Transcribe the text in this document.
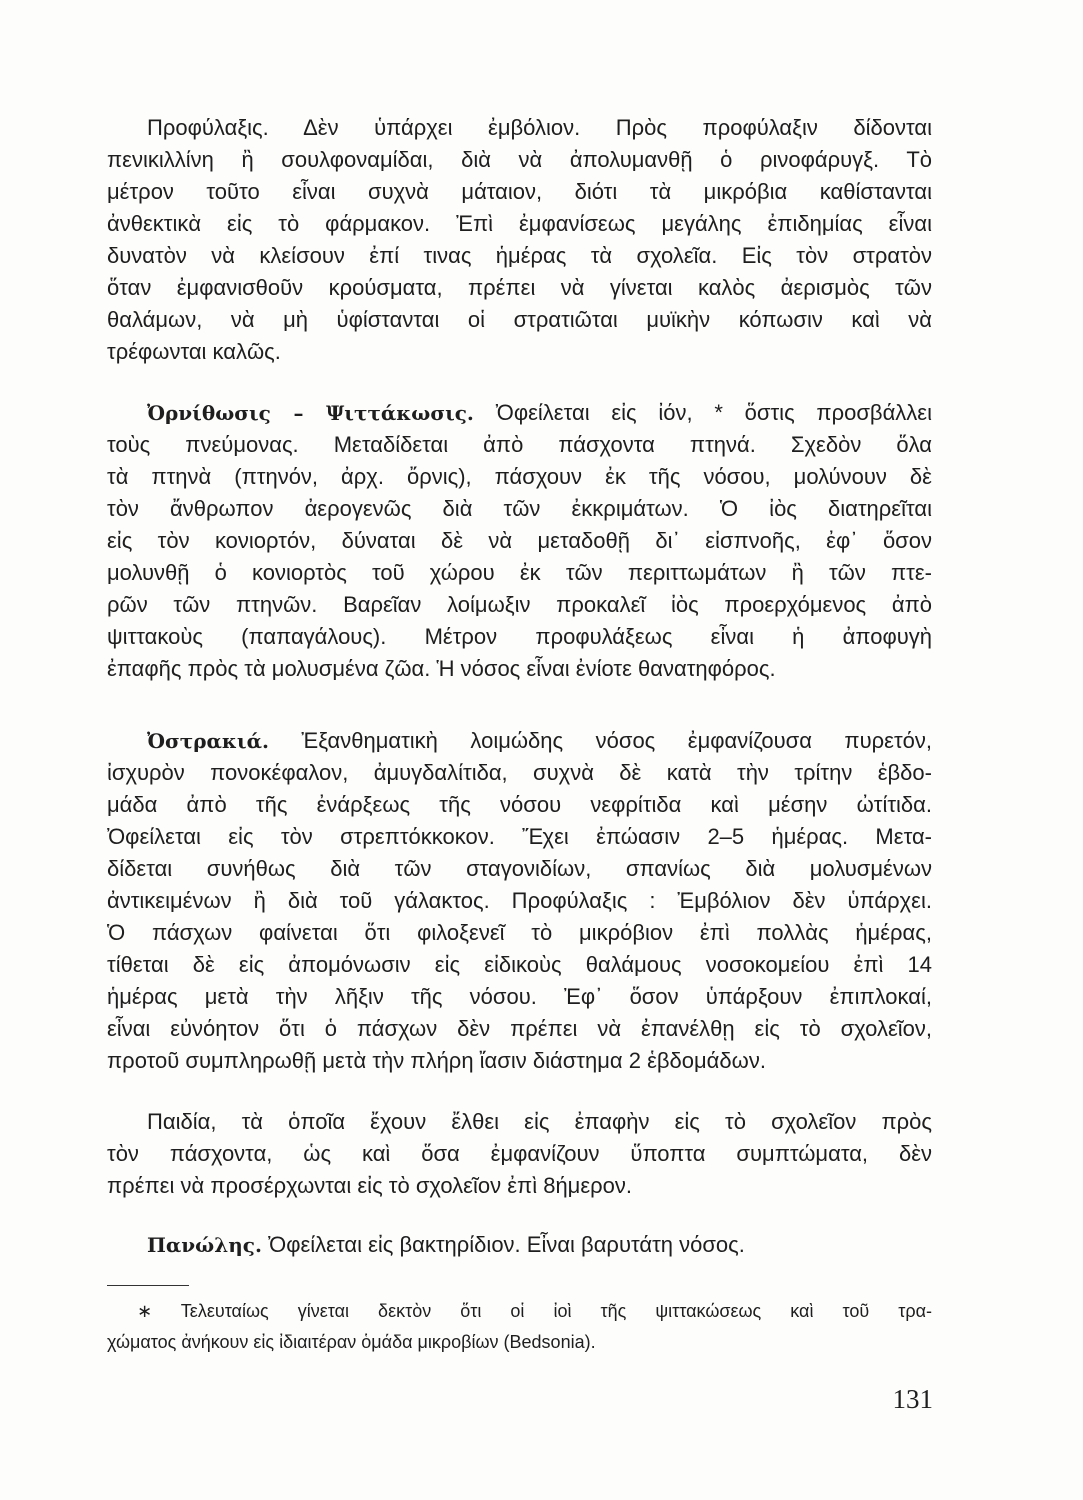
Προφύλαξις. Δὲν ὑπάρχει ἐμβόλιον. Πρὸς προφύλαξιν δίδονται
πενικιλλίνη ἢ σουλφοναμίδαι, διὰ νὰ ἀπολυμανθῇ ὁ ρινοφάρυγξ. Τὸ
μέτρον τοῦτο εἶναι συχνὰ μάταιον, διότι τὰ μικρόβια καθίστανται
ἀνθεκτικὰ εἰς τὸ φάρμακον. Ἐπὶ ἐμφανίσεως μεγάλης ἐπιδημίας εἶναι
δυνατὸν νὰ κλείσουν ἐπί τινας ἡμέρας τὰ σχολεῖα. Εἰς τὸν στρατὸν
ὅταν ἐμφανισθοῦν κρούσματα, πρέπει νὰ γίνεται καλὸς ἀερισμὸς τῶν
θαλάμων, νὰ μὴ ὑφίστανται οἱ στρατιῶται μυϊκὴν κόπωσιν καὶ νὰ
τρέφωνται καλῶς.
Ὀρνίθωσις – Ψιττάκωσις. Ὀφείλεται εἰς ἰόν, * ὅστις προσβάλλει
τοὺς πνεύμονας. Μεταδίδεται ἀπὸ πάσχοντα πτηνά. Σχεδὸν ὅλα
τὰ πτηνὰ (πτηνόν, ἀρχ. ὄρνις), πάσχουν ἐκ τῆς νόσου, μολύνουν δὲ
τὸν ἄνθρωπον ἀερογενῶς διὰ τῶν ἐκκριμάτων. Ὁ ἰὸς διατηρεῖται
εἰς τὸν κονιορτόν, δύναται δὲ νὰ μεταδοθῇ δι᾿ εἰσπνοῆς, ἐφ᾿ ὅσον
μολυνθῇ ὁ κονιορτὸς τοῦ χώρου ἐκ τῶν περιττωμάτων ἢ τῶν πτε-
ρῶν τῶν πτηνῶν. Βαρεῖαν λοίμωξιν προκαλεῖ ἰὸς προερχόμενος ἀπὸ
ψιττακοὺς (παπαγάλους). Μέτρον προφυλάξεως εἶναι ἡ ἀποφυγὴ
ἐπαφῆς πρὸς τὰ μολυσμένα ζῶα. Ἡ νόσος εἶναι ἐνίοτε θανατηφόρος.
Ὀστρακιά. Ἐξανθηματικὴ λοιμώδης νόσος ἐμφανίζουσα πυρετόν,
ἰσχυρὸν πονοκέφαλον, ἀμυγδαλίτιδα, συχνὰ δὲ κατὰ τὴν τρίτην ἑβδο-
μάδα ἀπὸ τῆς ἐνάρξεως τῆς νόσου νεφρίτιδα καὶ μέσην ὠτίτιδα.
Ὀφείλεται εἰς τὸν στρεπτόκκοκον. Ἔχει ἐπώασιν 2–5 ἡμέρας. Μετα-
δίδεται συνήθως διὰ τῶν σταγονιδίων, σπανίως διὰ μολυσμένων
ἀντικειμένων ἢ διὰ τοῦ γάλακτος. Προφύλαξις : Ἐμβόλιον δὲν ὑπάρχει.
Ὁ πάσχων φαίνεται ὅτι φιλοξενεῖ τὸ μικρόβιον ἐπὶ πολλὰς ἡμέρας,
τίθεται δὲ εἰς ἀπομόνωσιν εἰς εἰδικοὺς θαλάμους νοσοκομείου ἐπὶ 14
ἡμέρας μετὰ τὴν λῆξιν τῆς νόσου. Ἐφ᾿ ὅσον ὑπάρξουν ἐπιπλοκαί,
εἶναι εὐνόητον ὅτι ὁ πάσχων δὲν πρέπει νὰ ἐπανέλθῃ εἰς τὸ σχολεῖον,
προτοῦ συμπληρωθῇ μετὰ τὴν πλήρη ἴασιν διάστημα 2 ἑβδομάδων.
Παιδία, τὰ ὁποῖα ἔχουν ἔλθει εἰς ἐπαφὴν εἰς τὸ σχολεῖον πρὸς
τὸν πάσχοντα, ὡς καὶ ὅσα ἐμφανίζουν ὕποπτα συμπτώματα, δὲν
πρέπει νὰ προσέρχωνται εἰς τὸ σχολεῖον ἐπὶ 8ήμερον.
Πανώλης. Ὀφείλεται εἰς βακτηρίδιον. Εἶναι βαρυτάτη νόσος.
∗ Τελευταίως γίνεται δεκτὸν ὅτι οἱ ἰοὶ τῆς ψιττακώσεως καὶ τοῦ τρα-
χώματος ἀνήκουν εἰς ἰδιαιτέραν ὁμάδα μικροβίων (Bedsonia).
131
